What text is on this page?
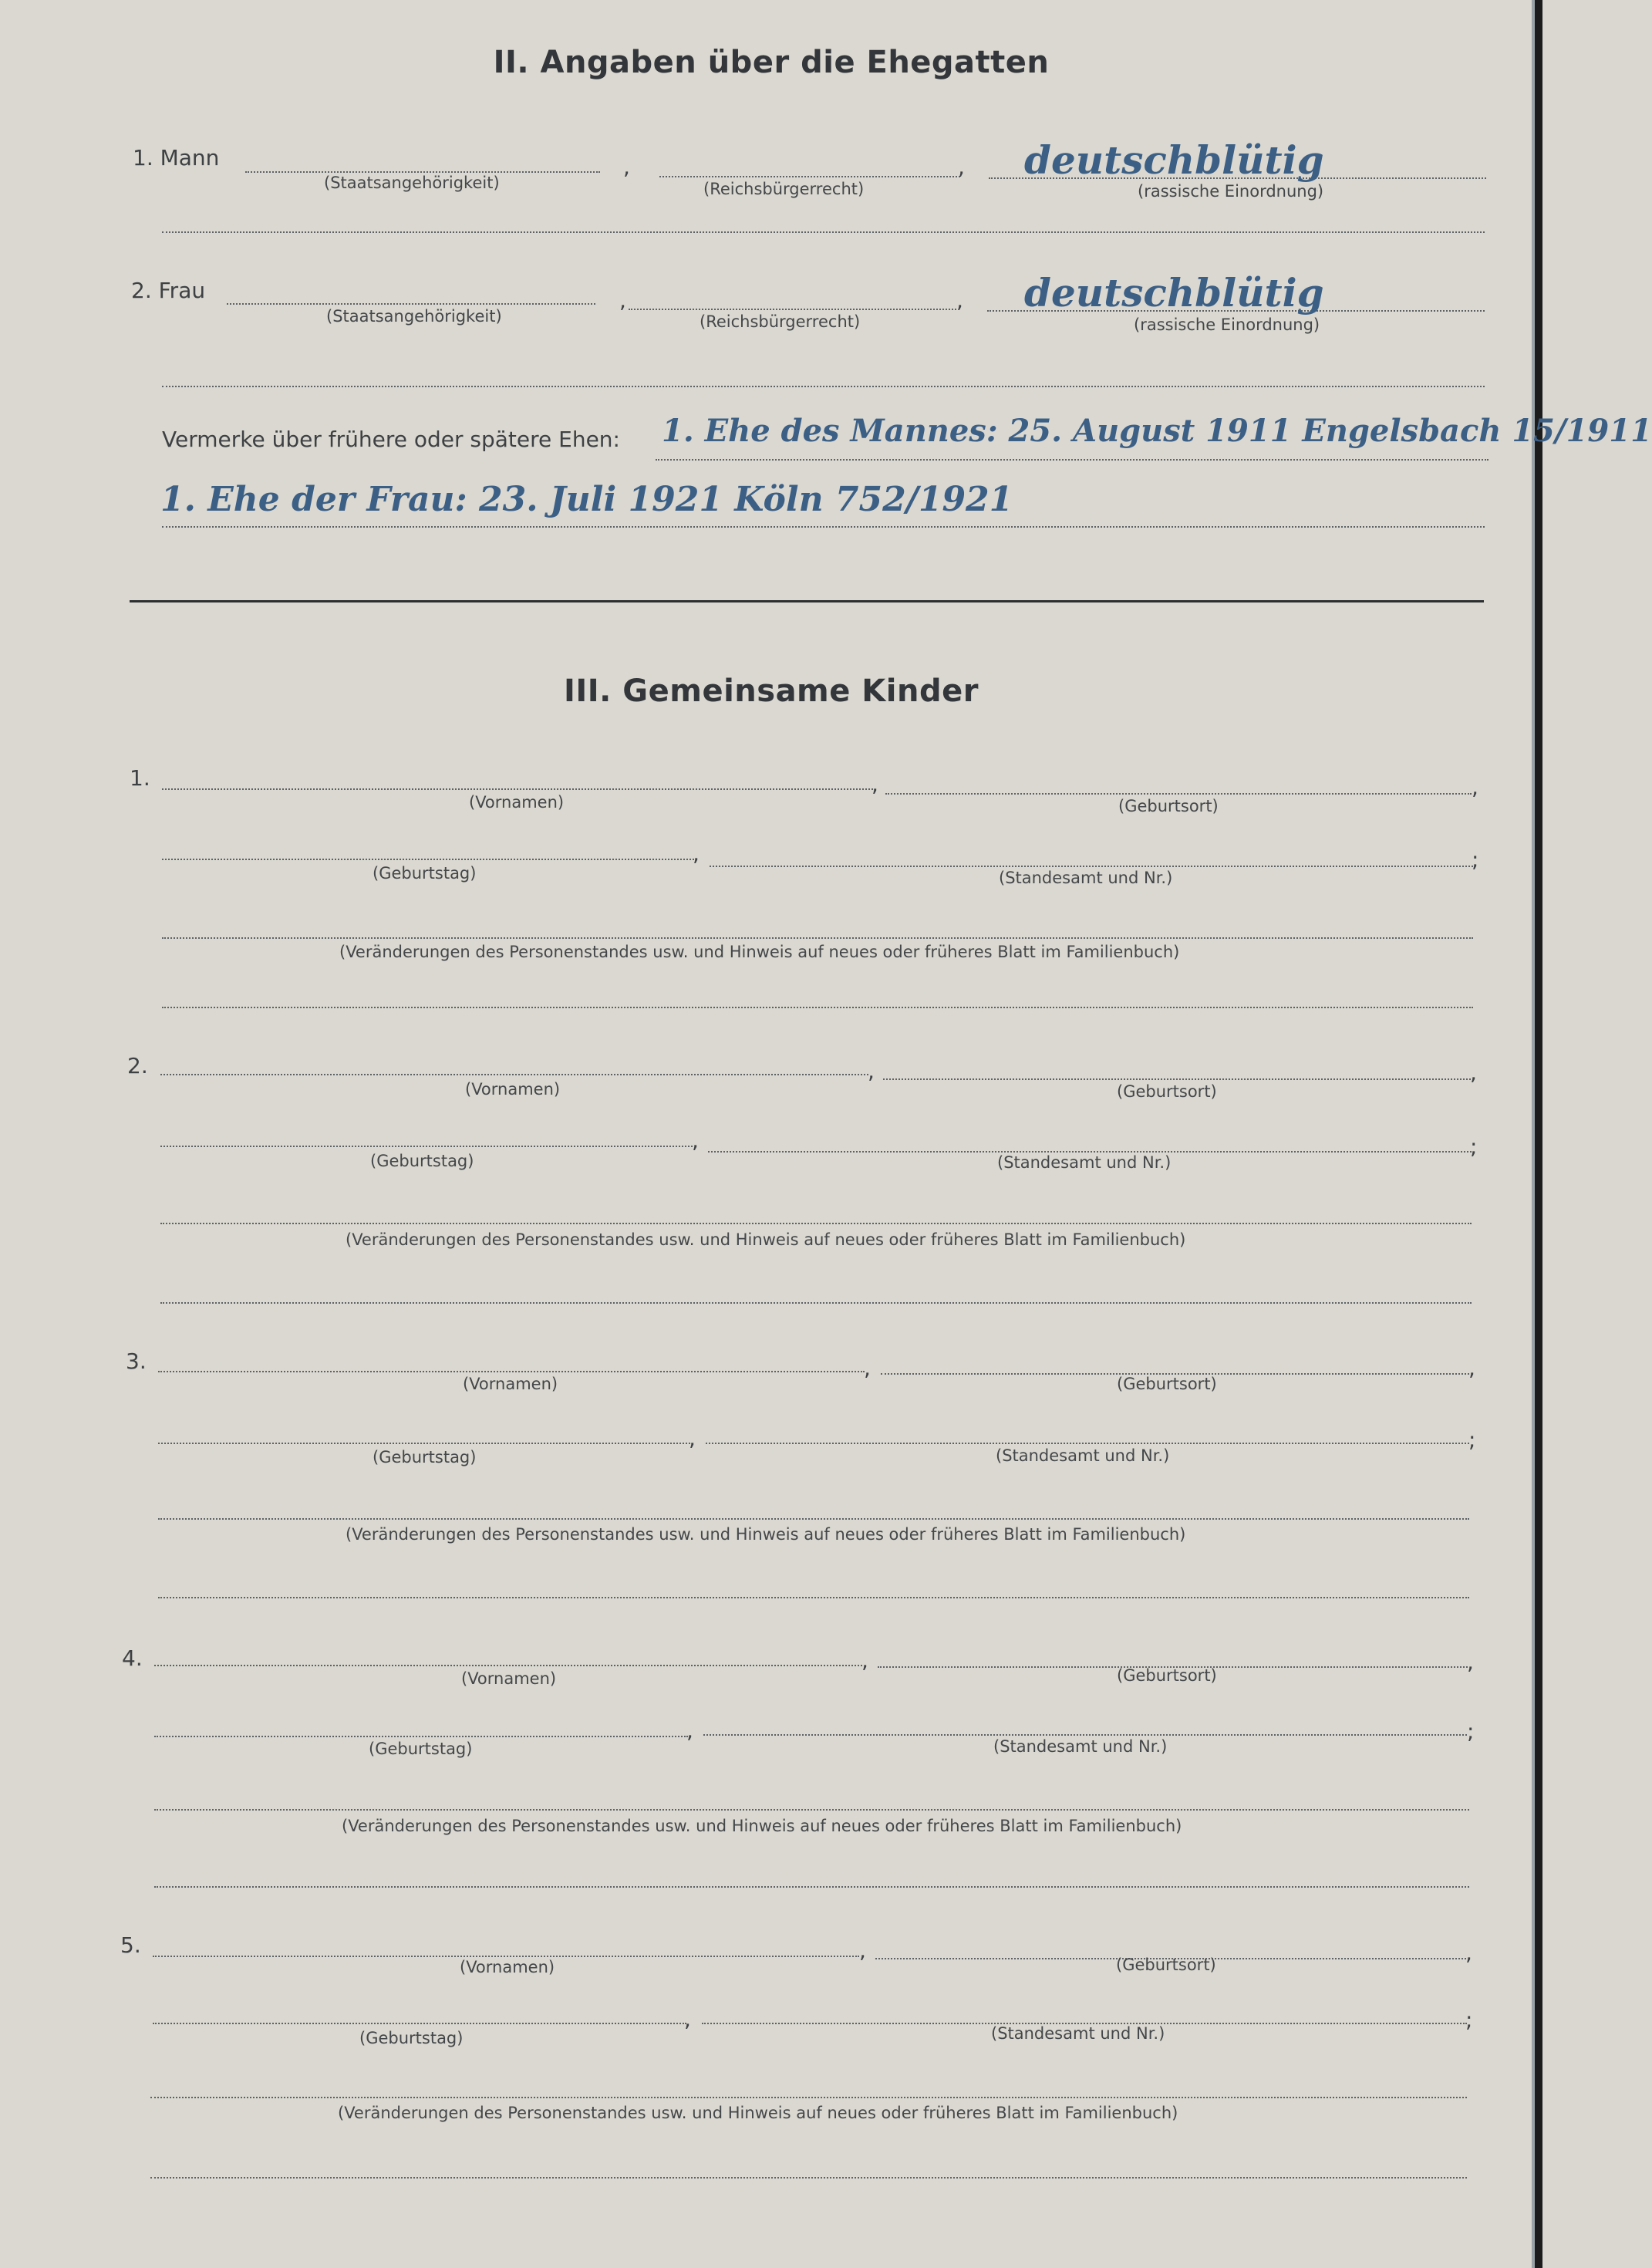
II. Angaben über die Ehegatten
1. Mann	,	, deutschblütig
(Staatsangehörigkeit)	(Reichsbürgerrecht)	(rassische Einordnung)
2. Frau	,	, deutschblütig
(Staatsangehörigkeit)	(Reichsbürgerrecht)	(rassische Einordnung)
Vermerke über frühere oder spätere Ehen: 1. Ehe des Mannes: 25. August 1911 Engelsbach 15/1911
1. Ehe der Frau: 23. Juli 1921 Köln 752/1921
III. Gemeinsame Kinder
1.	,	,
(Vornamen)	(Geburtsort)
,	;
(Geburtstag)	(Standesamt und Nr.)
(Veränderungen des Personenstandes usw. und Hinweis auf neues oder früheres Blatt im Familienbuch)
2.	,	,
(Vornamen)	(Geburtsort)
,	;
(Geburtstag)	(Standesamt und Nr.)
(Veränderungen des Personenstandes usw. und Hinweis auf neues oder früheres Blatt im Familienbuch)
3.	,	,
(Vornamen)	(Geburtsort)
,	;
(Geburtstag)	(Standesamt und Nr.)
(Veränderungen des Personenstandes usw. und Hinweis auf neues oder früheres Blatt im Familienbuch)
4.	,	,
(Vornamen)	(Geburtsort)
,	;
(Geburtstag)	(Standesamt und Nr.)
(Veränderungen des Personenstandes usw. und Hinweis auf neues oder früheres Blatt im Familienbuch)
5.	,	,
(Vornamen)	(Geburtsort)
,	;
(Geburtstag)	(Standesamt und Nr.)
(Veränderungen des Personenstandes usw. und Hinweis auf neues oder früheres Blatt im Familienbuch)
